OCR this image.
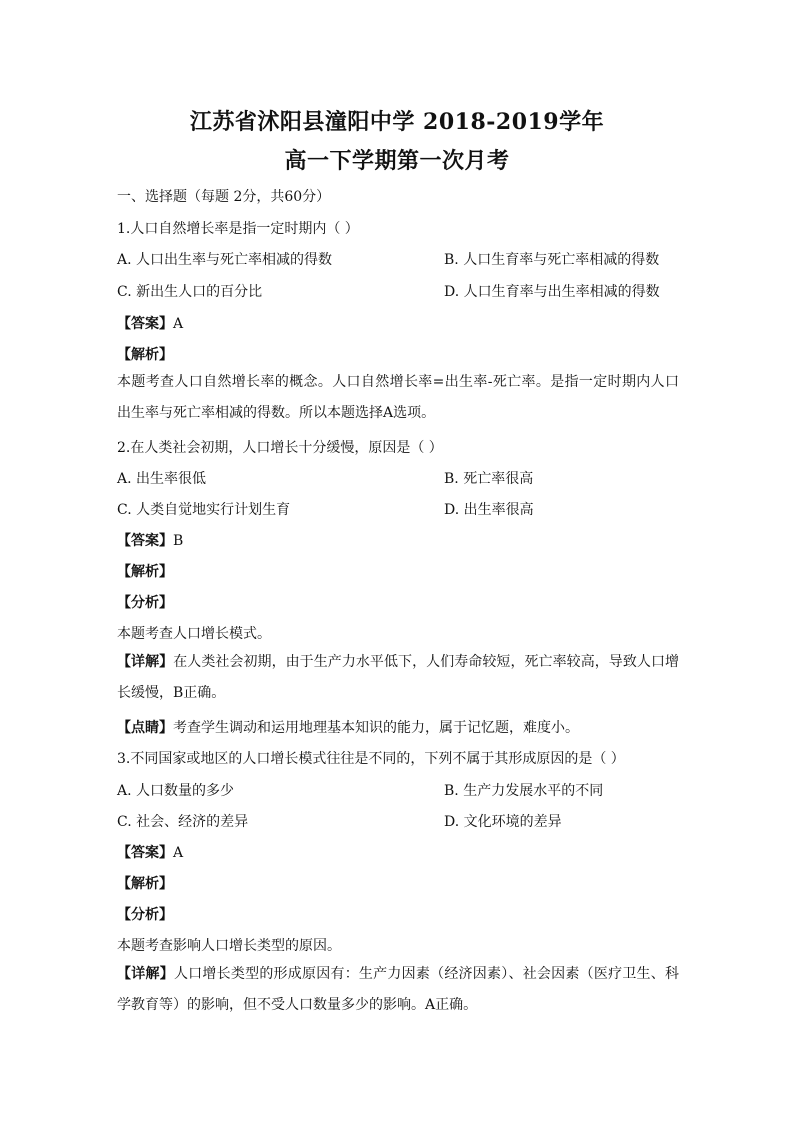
江苏省沭阳县潼阳中学 2018-2019学年
高一下学期第一次月考
一、选择题（每题 2分，共60分）
1.人口自然增长率是指一定时期内（ ）
A. 人口出生率与死亡率相减的得数	B. 人口生育率与死亡率相减的得数
C. 新出生人口的百分比	D. 人口生育率与出生率相减的得数
【答案】A
【解析】
本题考查人口自然增长率的概念。人口自然增长率=出生率-死亡率。是指一定时期内人口出生率与死亡率相减的得数。所以本题选择A选项。
2.在人类社会初期，人口增长十分缓慢，原因是（ ）
A. 出生率很低	B. 死亡率很高
C. 人类自觉地实行计划生育	D. 出生率很高
【答案】B
【解析】
【分析】
本题考查人口增长模式。
【详解】在人类社会初期，由于生产力水平低下，人们寿命较短，死亡率较高，导致人口增长缓慢，B正确。
【点睛】考查学生调动和运用地理基本知识的能力，属于记忆题，难度小。
3.不同国家或地区的人口增长模式往往是不同的，下列不属于其形成原因的是（ ）
A. 人口数量的多少	B. 生产力发展水平的不同
C. 社会、经济的差异	D. 文化环境的差异
【答案】A
【解析】
【分析】
本题考查影响人口增长类型的原因。
【详解】人口增长类型的形成原因有：生产力因素（经济因素）、社会因素（医疗卫生、科学教育等）的影响，但不受人口数量多少的影响。A正确。
